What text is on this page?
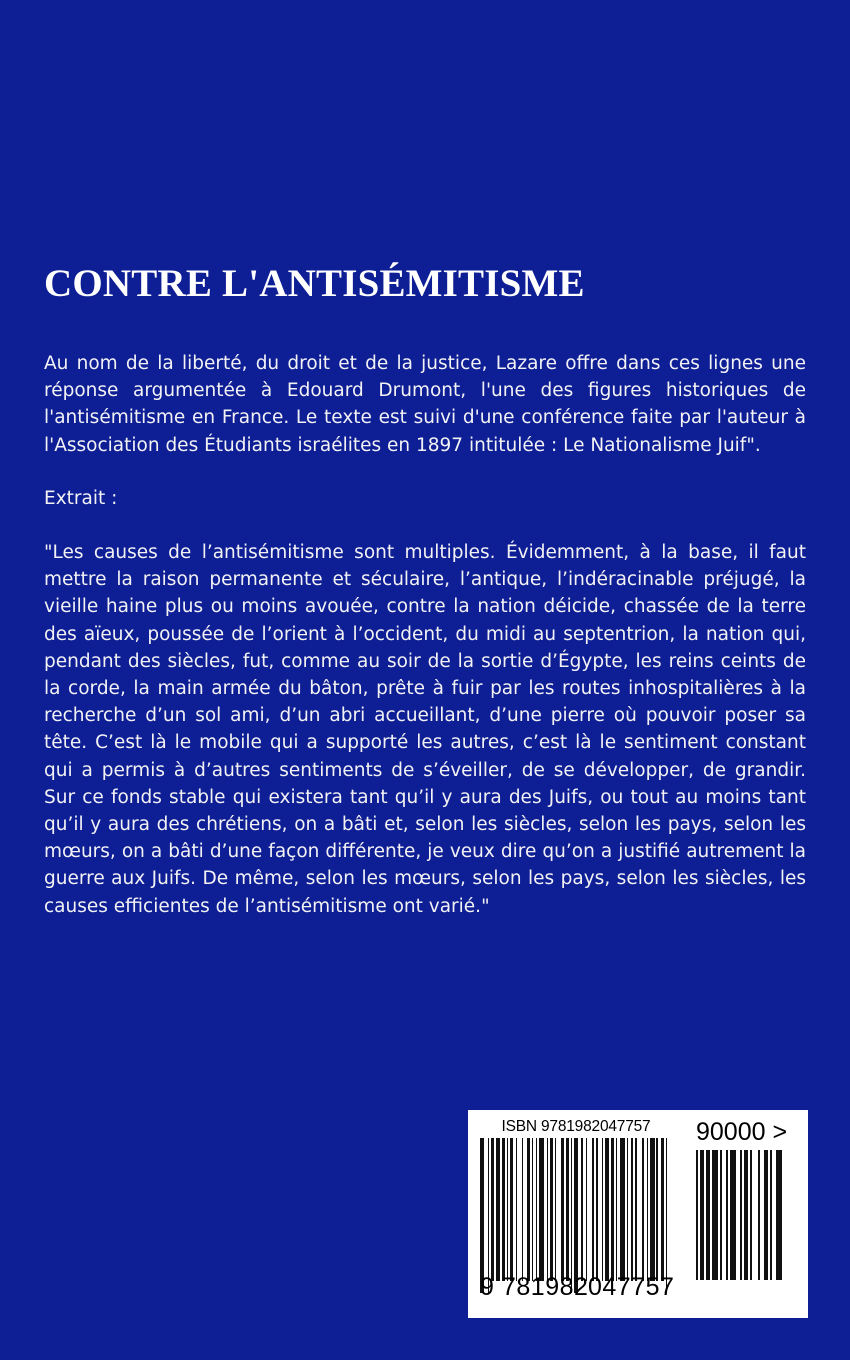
CONTRE L'ANTISÉMITISME

Au nom de la liberté, du droit et de la justice, Lazare offre dans ces lignes une réponse argumentée à Edouard Drumont, l'une des figures historiques de l'antisémitisme en France. Le texte est suivi d'une conférence faite par l'auteur à l'Association des Étudiants israélites en 1897 intitulée : Le Nationalisme Juif".

Extrait :

"Les causes de l’antisémitisme sont multiples. Évidemment, à la base, il faut mettre la raison permanente et séculaire, l’antique, l’indéracinable préjugé, la vieille haine plus ou moins avouée, contre la nation déicide, chassée de la terre des aïeux, poussée de l’orient à l’occident, du midi au septentrion, la nation qui, pendant des siècles, fut, comme au soir de la sortie d’Égypte, les reins ceints de la corde, la main armée du bâton, prête à fuir par les routes inhospitalières à la recherche d’un sol ami, d’un abri accueillant, d’une pierre où pouvoir poser sa tête. C’est là le mobile qui a supporté les autres, c’est là le sentiment constant qui a permis à d’autres sentiments de s’éveiller, de se développer, de grandir. Sur ce fonds stable qui existera tant qu’il y aura des Juifs, ou tout au moins tant qu’il y aura des chrétiens, on a bâti et, selon les siècles, selon les pays, selon les mœurs, on a bâti d’une façon différente, je veux dire qu’on a justifié autrement la guerre aux Juifs. De même, selon les mœurs, selon les pays, selon les siècles, les causes efficientes de l’antisémitisme ont varié."

ISBN 9781982047757
9 781982 047757
90000 >
